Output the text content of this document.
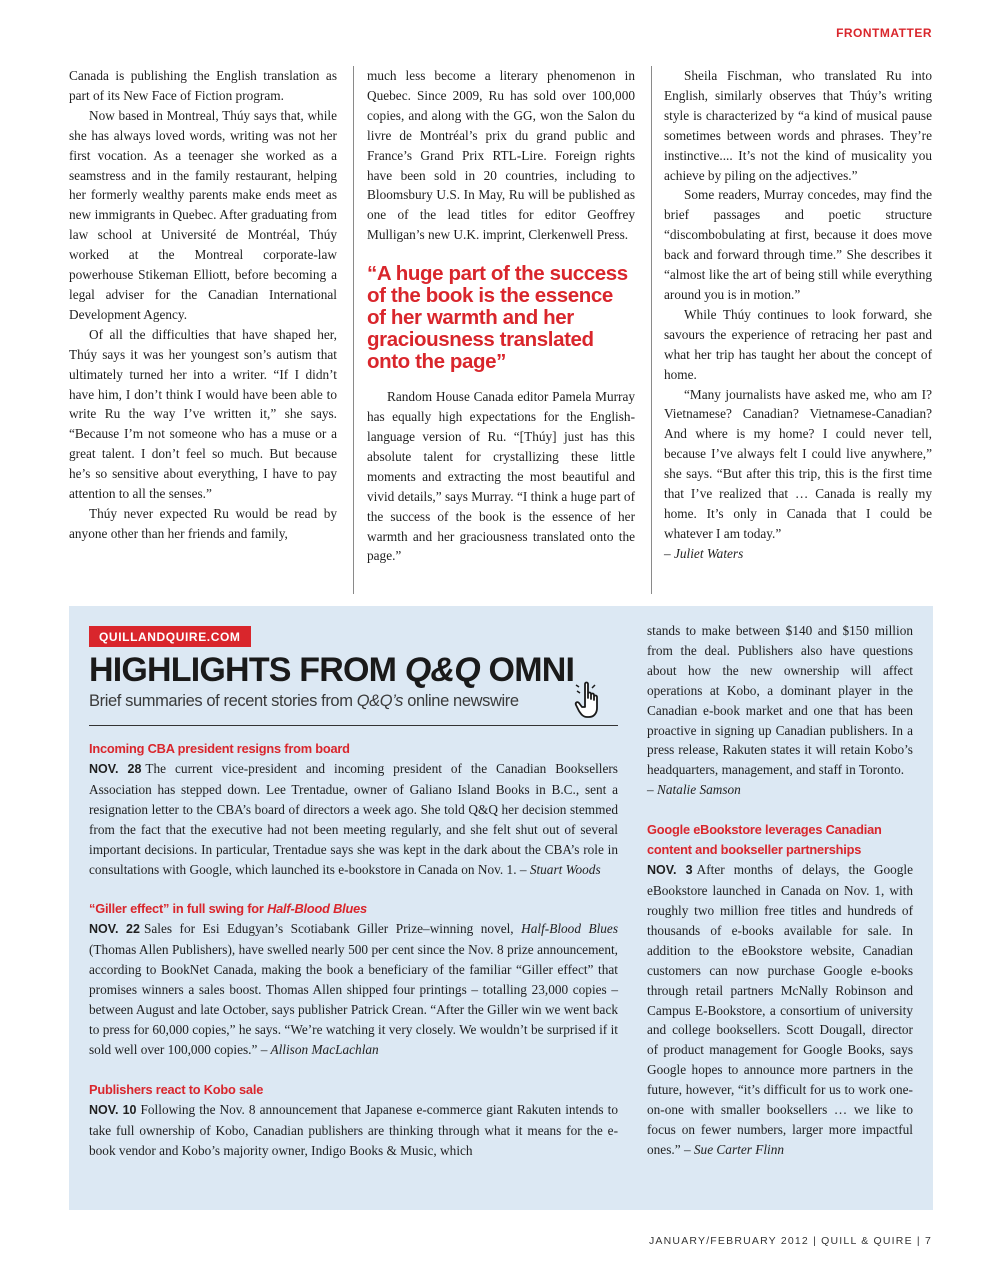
FRONTMATTER

Canada is publishing the English translation as part of its New Face of Fiction program.

Now based in Montreal, Thúy says that, while she has always loved words, writing was not her first vocation. As a teenager she worked as a seamstress and in the family restaurant, helping her formerly wealthy parents make ends meet as new immigrants in Quebec. After graduating from law school at Université de Montréal, Thúy worked at the Montreal corporate-law powerhouse Stikeman Elliott, before becoming a legal adviser for the Canadian International Development Agency.

Of all the difficulties that have shaped her, Thúy says it was her youngest son’s autism that ultimately turned her into a writer. “If I didn’t have him, I don’t think I would have been able to write Ru the way I’ve written it,” she says. “Because I’m not someone who has a muse or a great talent. I don’t feel so much. But because he’s so sensitive about everything, I have to pay attention to all the senses.”

Thúy never expected Ru would be read by anyone other than her friends and family,

much less become a literary phenomenon in Quebec. Since 2009, Ru has sold over 100,000 copies, and along with the GG, won the Salon du livre de Montréal’s prix du grand public and France’s Grand Prix RTL-Lire. Foreign rights have been sold in 20 countries, including to Bloomsbury U.S. In May, Ru will be published as one of the lead titles for editor Geoffrey Mulligan’s new U.K. imprint, Clerkenwell Press.

“A huge part of the success of the book is the essence of her warmth and her graciousness translated onto the page”

Random House Canada editor Pamela Murray has equally high expectations for the English-language version of Ru. “[Thúy] just has this absolute talent for crystallizing these little moments and extracting the most beautiful and vivid details,” says Murray. “I think a huge part of the success of the book is the essence of her warmth and her graciousness translated onto the page.”

Sheila Fischman, who translated Ru into English, similarly observes that Thúy’s writing style is characterized by “a kind of musical pause sometimes between words and phrases. They’re instinctive.... It’s not the kind of musicality you achieve by piling on the adjectives.”

Some readers, Murray concedes, may find the brief passages and poetic structure “discombobulating at first, because it does move back and forward through time.” She describes it “almost like the art of being still while everything around you is in motion.”

While Thúy continues to look forward, she savours the experience of retracing her past and what her trip has taught her about the concept of home.

“Many journalists have asked me, who am I? Vietnamese? Canadian? Vietnamese-Canadian? And where is my home? I could never tell, because I’ve always felt I could live anywhere,” she says. “But after this trip, this is the first time that I’ve realized that … Canada is really my home. It’s only in Canada that I could be whatever I am today.”

– Juliet Waters

QUILLANDQUIRE.COM
HIGHLIGHTS FROM Q&Q OMNI
Brief summaries of recent stories from Q&Q’s online newswire
Incoming CBA president resigns from board
NOV. 28 The current vice-president and incoming president of the Canadian Booksellers Association has stepped down. Lee Trentadue, owner of Galiano Island Books in B.C., sent a resignation letter to the CBA’s board of directors a week ago. She told Q&Q her decision stemmed from the fact that the executive had not been meeting regularly, and she felt shut out of several important decisions. In particular, Trentadue says she was kept in the dark about the CBA’s role in consultations with Google, which launched its e-bookstore in Canada on Nov. 1. – Stuart Woods
“Giller effect” in full swing for Half-Blood Blues
NOV. 22 Sales for Esi Edugyan’s Scotiabank Giller Prize–winning novel, Half-Blood Blues (Thomas Allen Publishers), have swelled nearly 500 per cent since the Nov. 8 prize announcement, according to BookNet Canada, making the book a beneficiary of the familiar “Giller effect” that promises winners a sales boost. Thomas Allen shipped four printings – totalling 23,000 copies – between August and late October, says publisher Patrick Crean. “After the Giller win we went back to press for 60,000 copies,” he says. “We’re watching it very closely. We wouldn’t be surprised if it sold well over 100,000 copies.” – Allison MacLachlan
Publishers react to Kobo sale
NOV. 10 Following the Nov. 8 announcement that Japanese e-commerce giant Rakuten intends to take full ownership of Kobo, Canadian publishers are thinking through what it means for the e-book vendor and Kobo’s majority owner, Indigo Books & Music, which
stands to make between $140 and $150 million from the deal. Publishers also have questions about how the new ownership will affect operations at Kobo, a dominant player in the Canadian e-book market and one that has been proactive in signing up Canadian publishers. In a press release, Rakuten states it will retain Kobo’s headquarters, management, and staff in Toronto.
– Natalie Samson
Google eBookstore leverages Canadian content and bookseller partnerships
NOV. 3 After months of delays, the Google eBookstore launched in Canada on Nov. 1, with roughly two million free titles and hundreds of thousands of e-books available for sale. In addition to the eBookstore website, Canadian customers can now purchase Google e-books through retail partners McNally Robinson and Campus E-Bookstore, a consortium of university and college booksellers. Scott Dougall, director of product management for Google Books, says Google hopes to announce more partners in the future, however, “it’s difficult for us to work one-on-one with smaller booksellers … we like to focus on fewer numbers, larger more impactful ones.” – Sue Carter Flinn
JANUARY/FEBRUARY 2012 | QUILL & QUIRE | 7
